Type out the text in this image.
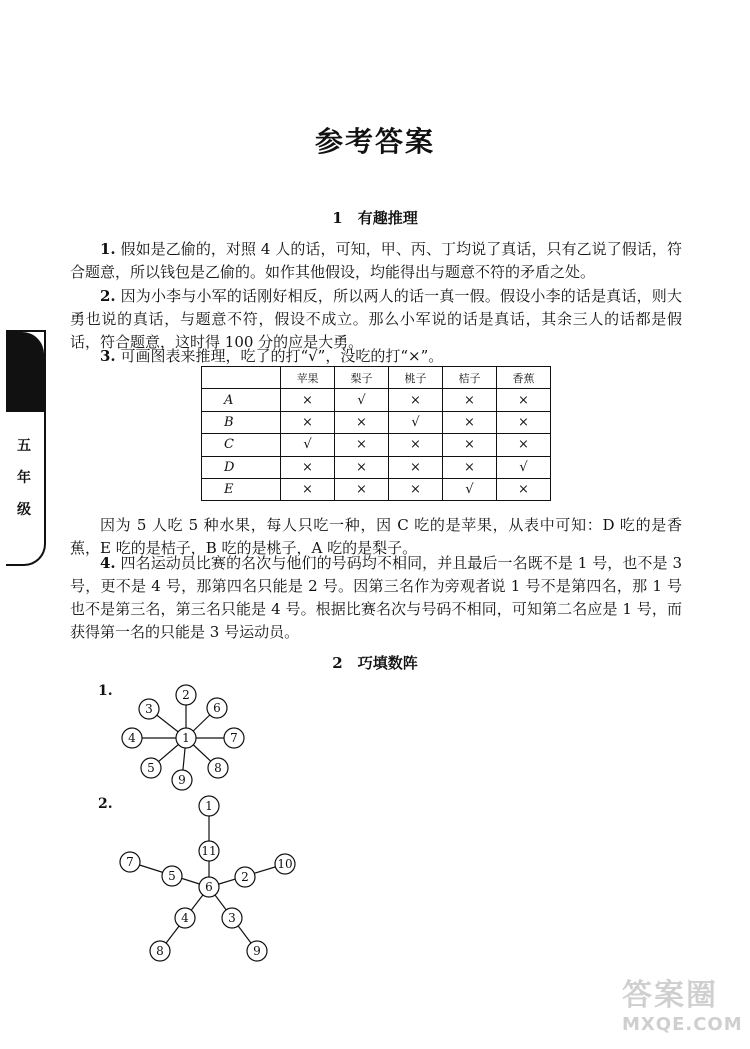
参考答案
1　有趣推理
1. 假如是乙偷的，对照 4 人的话，可知，甲、丙、丁均说了真话，只有乙说了假话，符合题意，所以钱包是乙偷的。如作其他假设，均能得出与题意不符的矛盾之处。
2. 因为小李与小军的话刚好相反，所以两人的话一真一假。假设小李的话是真话，则大勇也说的真话，与题意不符，假设不成立。那么小军说的话是真话，其余三人的话都是假话，符合题意，这时得 100 分的应是大勇。
3. 可画图表来推理，吃了的打“√”，没吃的打“×”。
	苹果	梨子	桃子	桔子	香蕉
A	×	√	×	×	×
B	×	×	√	×	×
C	√	×	×	×	×
D	×	×	×	×	√
E	×	×	×	√	×
因为 5 人吃 5 种水果，每人只吃一种，因 C 吃的是苹果，从表中可知：D 吃的是香蕉，E 吃的是桔子，B 吃的是桃子，A 吃的是梨子。
4. 四名运动员比赛的名次与他们的号码均不相同，并且最后一名既不是 1 号，也不是 3 号，更不是 4 号，那第四名只能是 2 号。因第三名作为旁观者说 1 号不是第四名，那 1 号也不是第三名，第三名只能是 4 号。根据比赛名次与号码不相同，可知第二名应是 1 号，而获得第一名的只能是 3 号运动员。
2　巧填数阵
五
年
级
1.
2.
1
2
6
7
8
9
5
4
3
1
11
6
10
2
7
5
4
8
3
9
答案圈
MXQE.COM
